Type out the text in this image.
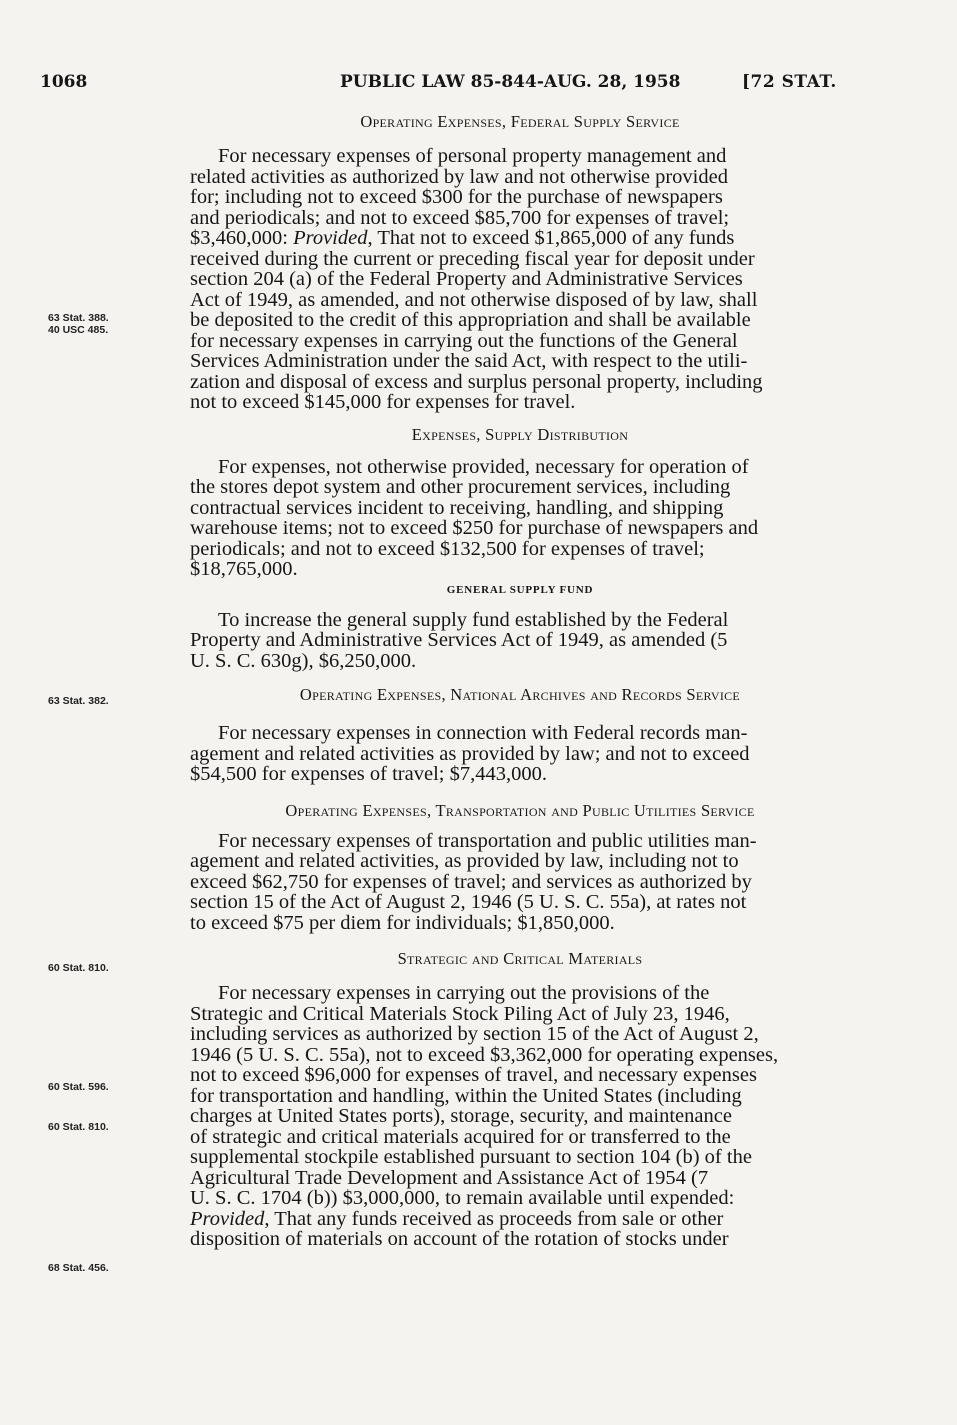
1068	PUBLIC LAW 85-844-AUG. 28, 1958	[72 STAT.
63 Stat. 388.
40 USC 485.
63 Stat. 382.
60 Stat. 810.
60 Stat. 596.
60 Stat. 810.
68 Stat. 456.
Operating Expenses, Federal Supply Service

For necessary expenses of personal property management and

related activities as authorized by law and not otherwise provided

for; including not to exceed $300 for the purchase of newspapers

and periodicals; and not to exceed $85,700 for expenses of travel;

$3,460,000: Provided, That not to exceed $1,865,000 of any funds

received during the current or preceding fiscal year for deposit under

section 204 (a) of the Federal Property and Administrative Services

Act of 1949, as amended, and not otherwise disposed of by law, shall

be deposited to the credit of this appropriation and shall be available

for necessary expenses in carrying out the functions of the General

Services Administration under the said Act, with respect to the utili-

zation and disposal of excess and surplus personal property, including

not to exceed $145,000 for expenses for travel.

Expenses, Supply Distribution

For expenses, not otherwise provided, necessary for operation of

the stores depot system and other procurement services, including

contractual services incident to receiving, handling, and shipping

warehouse items; not to exceed $250 for purchase of newspapers and

periodicals; and not to exceed $132,500 for expenses of travel;

$18,765,000.

GENERAL SUPPLY FUND

To increase the general supply fund established by the Federal

Property and Administrative Services Act of 1949, as amended (5

U. S. C. 630g), $6,250,000.

Operating Expenses, National Archives and Records Service

For necessary expenses in connection with Federal records man-

agement and related activities as provided by law; and not to exceed

$54,500 for expenses of travel; $7,443,000.

Operating Expenses, Transportation and Public Utilities Service

For necessary expenses of transportation and public utilities man-

agement and related activities, as provided by law, including not to

exceed $62,750 for expenses of travel; and services as authorized by

section 15 of the Act of August 2, 1946 (5 U. S. C. 55a), at rates not

to exceed $75 per diem for individuals; $1,850,000.

Strategic and Critical Materials

For necessary expenses in carrying out the provisions of the

Strategic and Critical Materials Stock Piling Act of July 23, 1946,

including services as authorized by section 15 of the Act of August 2,

1946 (5 U. S. C. 55a), not to exceed $3,362,000 for operating expenses,

not to exceed $96,000 for expenses of travel, and necessary expenses

for transportation and handling, within the United States (including

charges at United States ports), storage, security, and maintenance

of strategic and critical materials acquired for or transferred to the

supplemental stockpile established pursuant to section 104 (b) of the

Agricultural Trade Development and Assistance Act of 1954 (7

U. S. C. 1704 (b)) $3,000,000, to remain available until expended:

Provided, That any funds received as proceeds from sale or other

disposition of materials on account of the rotation of stocks under
